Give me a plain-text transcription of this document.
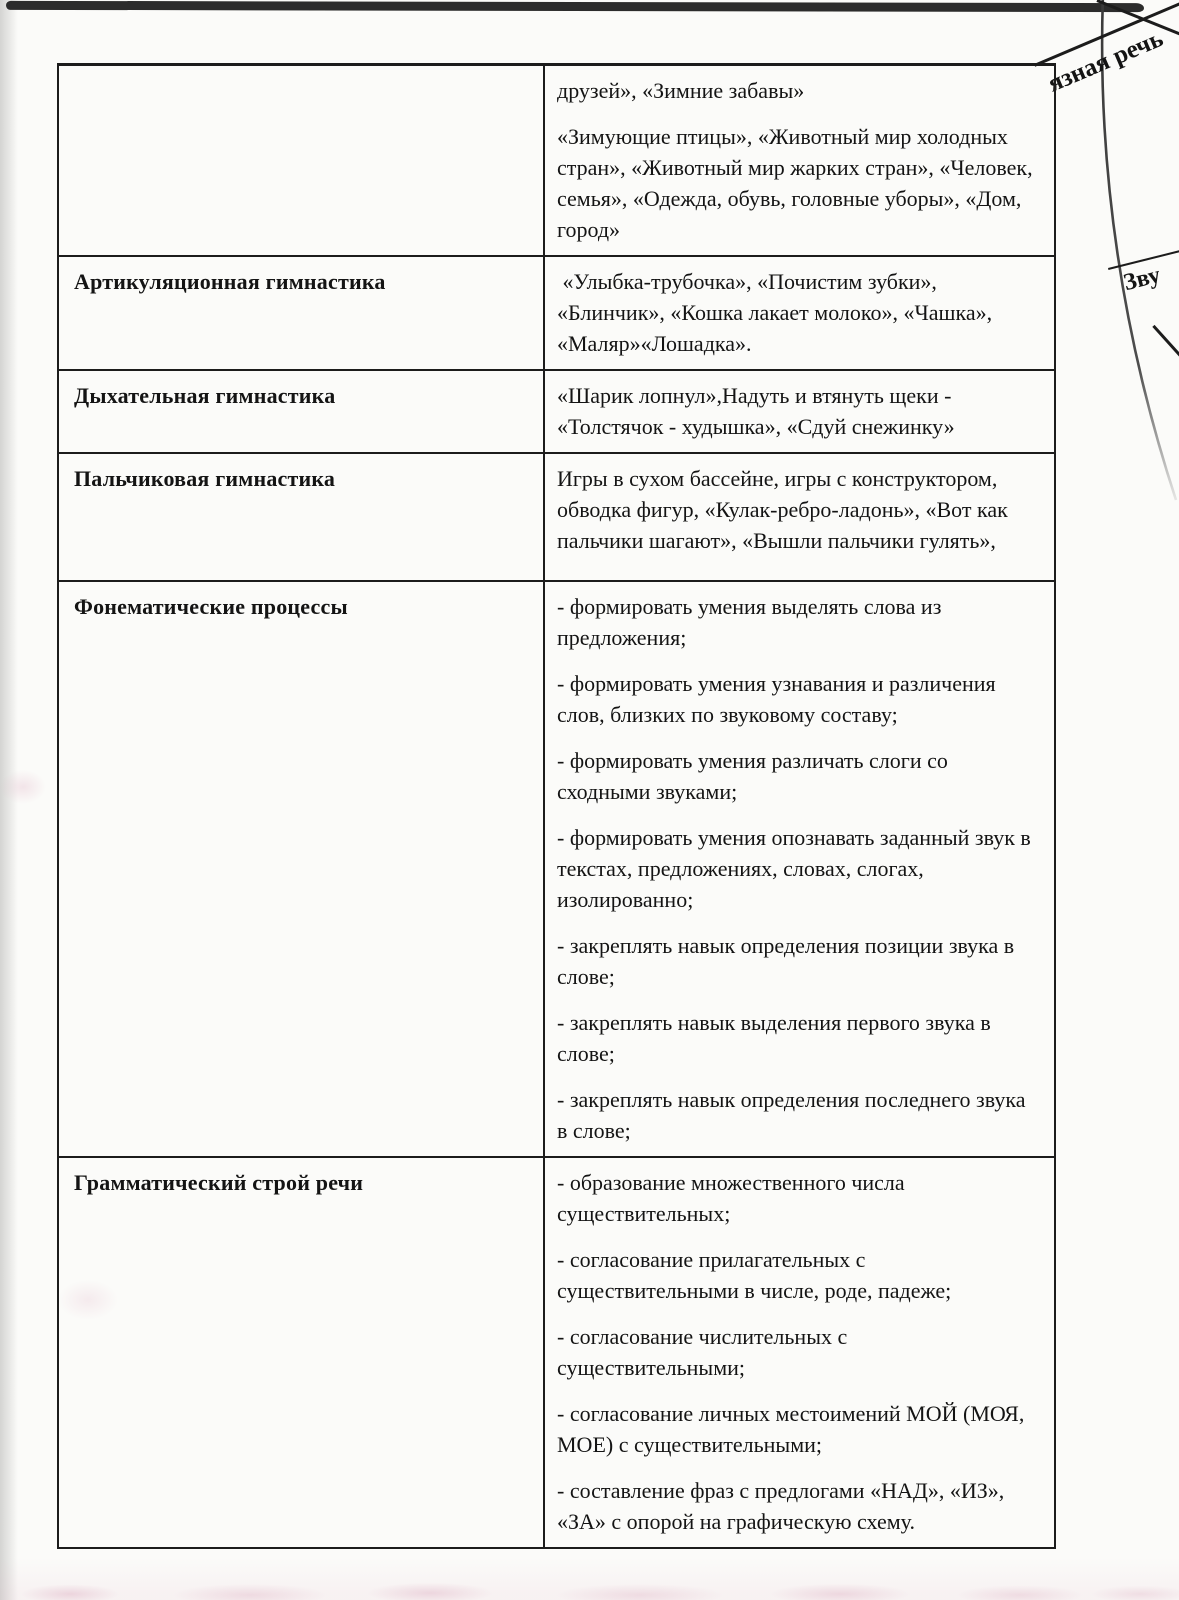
язная речь
Зву

друзей», «Зимние забавы»

«Зимующие птицы», «Животный мир холодных стран», «Животный мир жарких стран», «Человек, семья», «Одежда, обувь, головные уборы», «Дом, город»

Артикуляционная гимнастика	«Улыбка-трубочка», «Почистим зубки», «Блинчик», «Кошка лакает молоко», «Чашка», «Маляр»«Лошадка».

Дыхательная гимнастика	«Шарик лопнул»,Надуть и втянуть щеки - «Толстячок - худышка», «Сдуй снежинку»

Пальчиковая гимнастика	Игры в сухом бассейне, игры с конструктором, обводка фигур, «Кулак-ребро-ладонь», «Вот как пальчики шагают», «Вышли пальчики гулять»,

Фонематические процессы	- формировать умения выделять слова из предложения;

- формировать умения узнавания и различения слов, близких по звуковому составу;

- формировать умения различать слоги со сходными звуками;

- формировать умения опознавать заданный звук в текстах, предложениях, словах, слогах, изолированно;

- закреплять навык определения позиции звука в слове;

- закреплять навык выделения первого звука в слове;

- закреплять навык определения последнего звука в слове;

Грамматический строй речи	- образование множественного числа существительных;

- согласование прилагательных с существительными в числе, роде, падеже;

- согласование числительных с существительными;

- согласование личных местоимений МОЙ (МОЯ, МОЕ) с существительными;

- составление фраз с предлогами «НАД», «ИЗ», «ЗА» с опорой на графическую схему.
